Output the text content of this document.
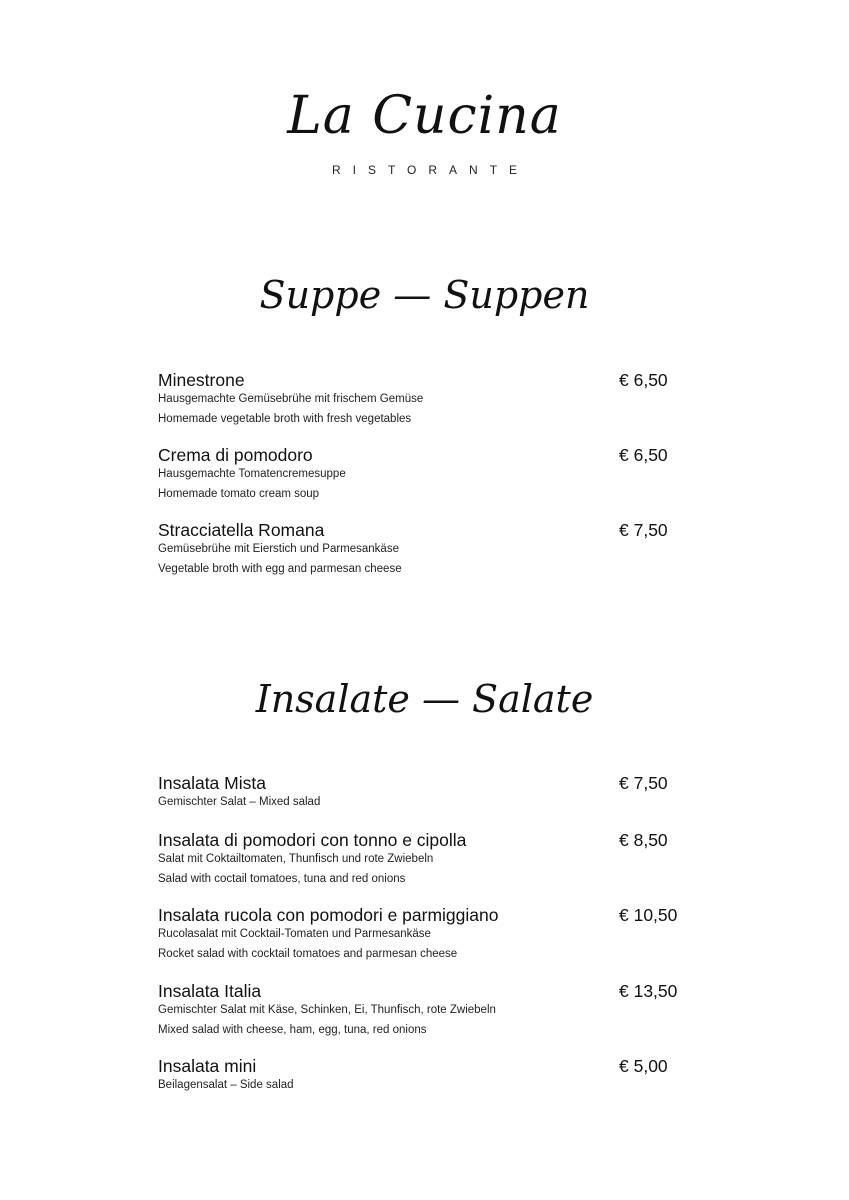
La Cucina
RISTORANTE
Suppe — Suppen
Minestrone	€ 6,50
Hausgemachte Gemüsebrühe mit frischem Gemüse
Homemade vegetable broth with fresh vegetables
Crema di pomodoro	€ 6,50
Hausgemachte Tomatencremesuppe
Homemade tomato cream soup
Stracciatella Romana	€ 7,50
Gemüsebrühe mit Eierstich und Parmesankäse
Vegetable broth with egg and parmesan cheese
Insalate — Salate
Insalata Mista	€ 7,50
Gemischter Salat – Mixed salad
Insalata di pomodori con tonno e cipolla	€ 8,50
Salat mit Coktailtomaten, Thunfisch und rote Zwiebeln
Salad with coctail tomatoes, tuna and red onions
Insalata rucola con pomodori e parmiggiano	€ 10,50
Rucolasalat mit Cocktail-Tomaten und Parmesankäse
Rocket salad with cocktail tomatoes and parmesan cheese
Insalata Italia	€ 13,50
Gemischter Salat mit Käse, Schinken, Ei, Thunfisch, rote Zwiebeln
Mixed salad with cheese, ham, egg, tuna, red onions
Insalata mini	€ 5,00
Beilagensalat – Side salad
